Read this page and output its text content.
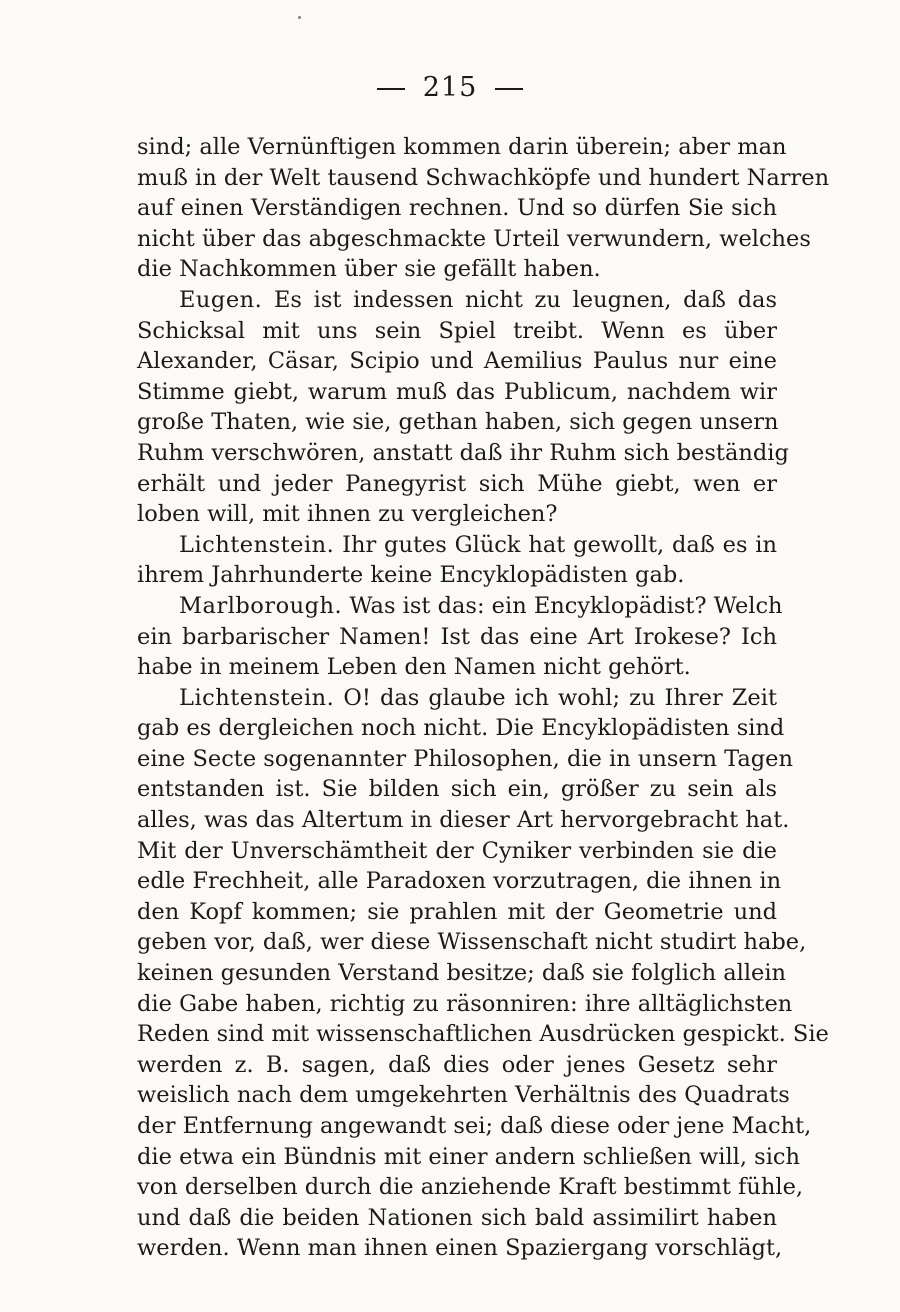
215
sind; alle Vernünftigen kommen darin überein; aber man
muß in der Welt tausend Schwachköpfe und hundert Narren
auf einen Verständigen rechnen. Und so dürfen Sie sich
nicht über das abgeschmackte Urteil verwundern, welches
die Nachkommen über sie gefällt haben.
Eugen. Es ist indessen nicht zu leugnen, daß das
Schicksal mit uns sein Spiel treibt. Wenn es über
Alexander, Cäsar, Scipio und Aemilius Paulus nur eine
Stimme giebt, warum muß das Publicum, nachdem wir
große Thaten, wie sie, gethan haben, sich gegen unsern
Ruhm verschwören, anstatt daß ihr Ruhm sich beständig
erhält und jeder Panegyrist sich Mühe giebt, wen er
loben will, mit ihnen zu vergleichen?
Lichtenstein. Ihr gutes Glück hat gewollt, daß es in
ihrem Jahrhunderte keine Encyklopädisten gab.
Marlborough. Was ist das: ein Encyklopädist? Welch
ein barbarischer Namen! Ist das eine Art Irokese? Ich
habe in meinem Leben den Namen nicht gehört.
Lichtenstein. O! das glaube ich wohl; zu Ihrer Zeit
gab es dergleichen noch nicht. Die Encyklopädisten sind
eine Secte sogenannter Philosophen, die in unsern Tagen
entstanden ist. Sie bilden sich ein, größer zu sein als
alles, was das Altertum in dieser Art hervorgebracht hat.
Mit der Unverschämtheit der Cyniker verbinden sie die
edle Frechheit, alle Paradoxen vorzutragen, die ihnen in
den Kopf kommen; sie prahlen mit der Geometrie und
geben vor, daß, wer diese Wissenschaft nicht studirt habe,
keinen gesunden Verstand besitze; daß sie folglich allein
die Gabe haben, richtig zu räsonniren: ihre alltäglichsten
Reden sind mit wissenschaftlichen Ausdrücken gespickt. Sie
werden z. B. sagen, daß dies oder jenes Gesetz sehr
weislich nach dem umgekehrten Verhältnis des Quadrats
der Entfernung angewandt sei; daß diese oder jene Macht,
die etwa ein Bündnis mit einer andern schließen will, sich
von derselben durch die anziehende Kraft bestimmt fühle,
und daß die beiden Nationen sich bald assimilirt haben
werden. Wenn man ihnen einen Spaziergang vorschlägt,
